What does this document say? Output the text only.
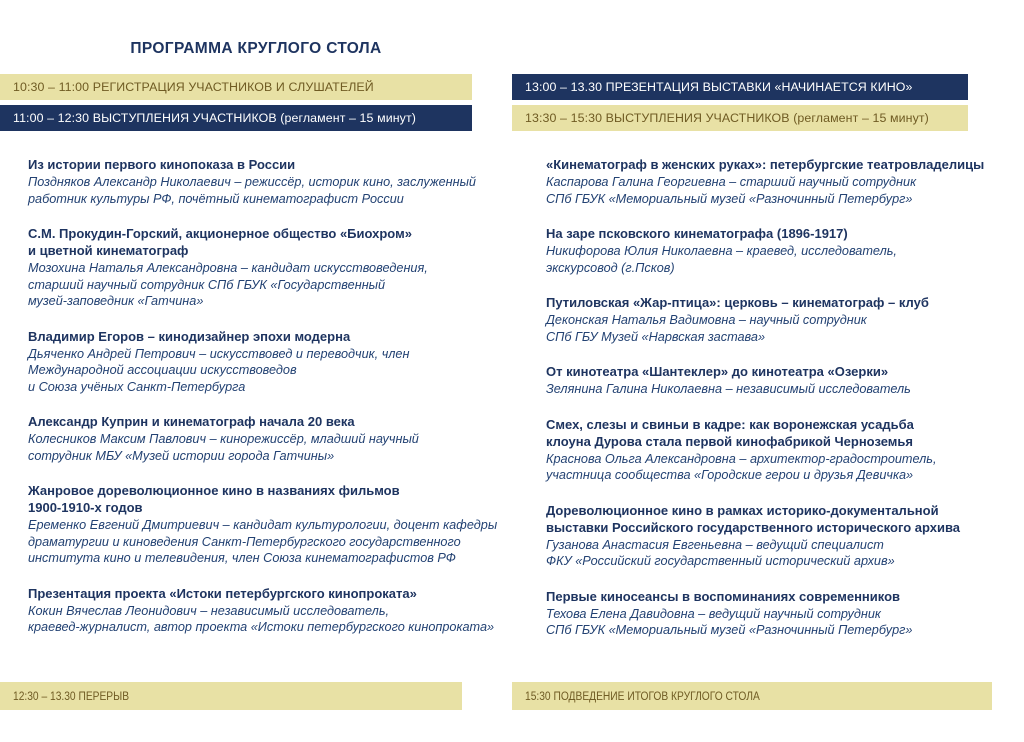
ПРОГРАММА КРУГЛОГО СТОЛА
10:30 – 11:00 РЕГИСТРАЦИЯ УЧАСТНИКОВ И СЛУШАТЕЛЕЙ
11:00 – 12:30 ВЫСТУПЛЕНИЯ УЧАСТНИКОВ (регламент – 15 минут)
13:00 – 13.30 ПРЕЗЕНТАЦИЯ ВЫСТАВКИ «НАЧИНАЕТСЯ КИНО»
13:30 – 15:30 ВЫСТУПЛЕНИЯ УЧАСТНИКОВ (регламент – 15 минут)
Из истории первого кинопоказа в России
Поздняков Александр Николаевич – режиссёр, историк кино, заслуженный
работник культуры РФ, почётный кинематографист России
С.М. Прокудин-Горский, акционерное общество «Биохром»
и цветной кинематограф
Мозохина Наталья Александровна – кандидат искусствоведения,
старший научный сотрудник СПб ГБУК «Государственный
музей-заповедник «Гатчина»
Владимир Егоров – кинодизайнер эпохи модерна
Дьяченко Андрей Петрович – искусствовед и переводчик, член
Международной ассоциации искусствоведов
и Союза учёных Санкт-Петербурга
Александр Куприн и кинематограф начала 20 века
Колесников Максим Павлович – кинорежиссёр, младший научный
сотрудник МБУ «Музей истории города Гатчины»
Жанровое дореволюционное кино в названиях фильмов
1900-1910-х годов
Еременко Евгений Дмитриевич – кандидат культурологии, доцент кафедры
драматургии и киноведения Санкт-Петербургского государственного
института кино и телевидения, член Союза кинематографистов РФ
Презентация проекта «Истоки петербургского кинопроката»
Кокин Вячеслав Леонидович – независимый исследователь,
краевед-журналист, автор проекта «Истоки петербургского кинопроката»
«Кинематограф в женских руках»: петербургские театровладелицы
Каспарова Галина Георгиевна – старший научный сотрудник
СПб ГБУК «Мемориальный музей «Разночинный Петербург»
На заре псковского кинематографа (1896-1917)
Никифорова Юлия Николаевна – краевед, исследователь,
экскурсовод (г.Псков)
Путиловская «Жар-птица»: церковь – кинематограф – клуб
Деконская Наталья Вадимовна – научный сотрудник
СПб ГБУ Музей «Нарвская застава»
От кинотеатра «Шантеклер» до кинотеатра «Озерки»
Зелянина Галина Николаевна – независимый исследователь
Смех, слезы и свиньи в кадре: как воронежская усадьба
клоуна Дурова стала первой кинофабрикой Черноземья
Краснова Ольга Александровна – архитектор-градостроитель,
участница сообщества «Городские герои и друзья Девичка»
Дореволюционное кино в рамках историко-документальной
выставки Российского государственного исторического архива
Гузанова Анастасия Евгеньевна – ведущий специалист
ФКУ «Российский государственный исторический архив»
Первые киносеансы в воспоминаниях современников
Техова Елена Давидовна – ведущий научный сотрудник
СПб ГБУК «Мемориальный музей «Разночинный Петербург»
12:30 – 13.30 ПЕРЕРЫВ	15:30 ПОДВЕДЕНИЕ ИТОГОВ КРУГЛОГО СТОЛА
